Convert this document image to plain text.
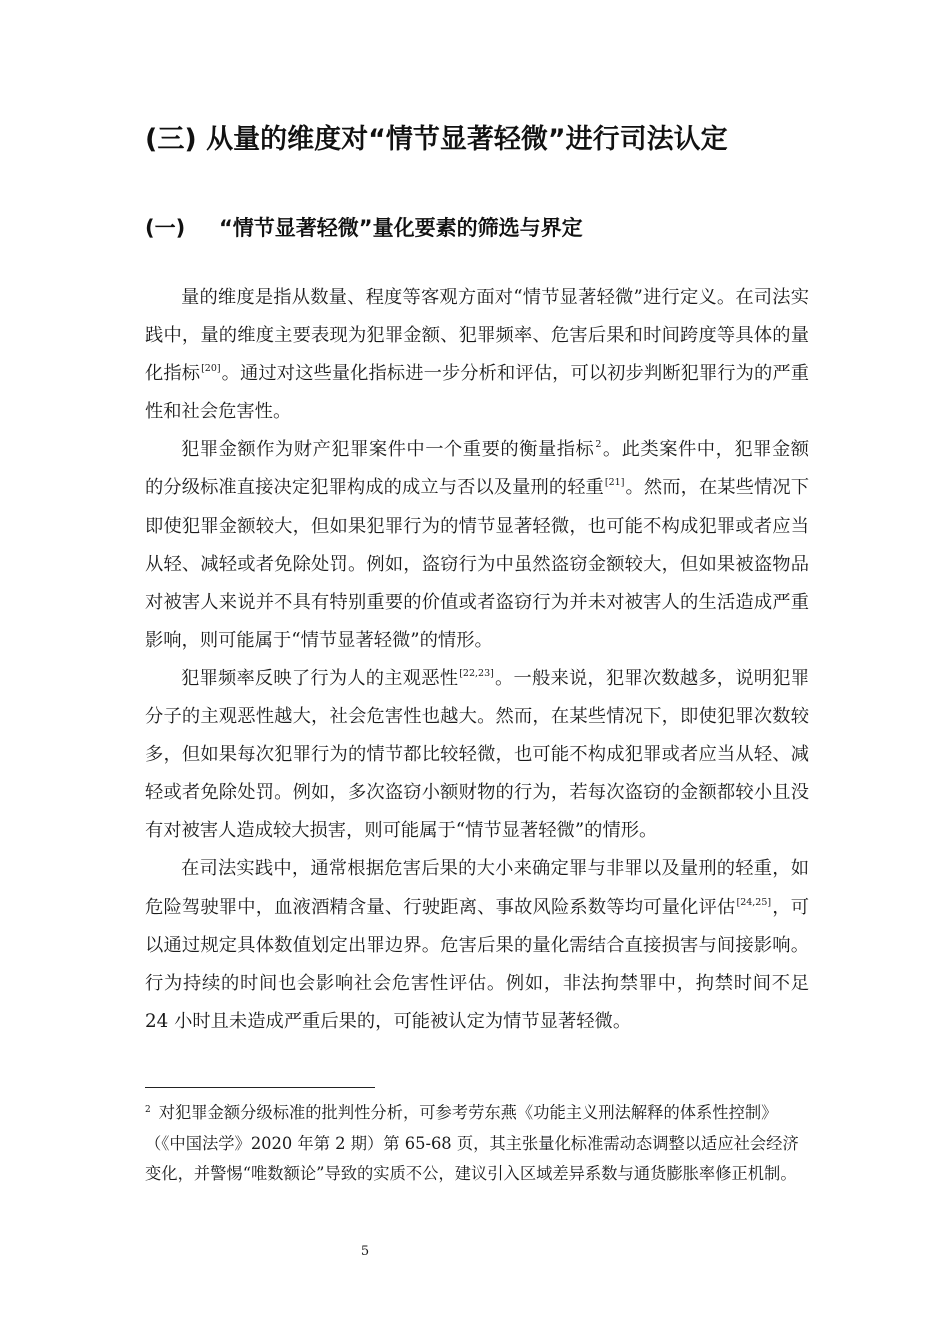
(三) 从量的维度对“情节显著轻微”进行司法认定
(一) “情节显著轻微”量化要素的筛选与界定

量的维度是指从数量、程度等客观方面对“情节显著轻微”进行定义。在司法实践中，量的维度主要表现为犯罪金额、犯罪频率、危害后果和时间跨度等具体的量化指标[20]。通过对这些量化指标进一步分析和评估，可以初步判断犯罪行为的严重性和社会危害性。

犯罪金额作为财产犯罪案件中一个重要的衡量指标$^2$。此类案件中，犯罪金额的分级标准直接决定犯罪构成的成立与否以及量刑的轻重[21]。然而，在某些情况下即使犯罪金额较大，但如果犯罪行为的情节显著轻微，也可能不构成犯罪或者应当从轻、减轻或者免除处罚。例如，盗窃行为中虽然盗窃金额较大，但如果被盗物品对被害人来说并不具有特别重要的价值或者盗窃行为并未对被害人的生活造成严重影响，则可能属于“情节显著轻微”的情形。

犯罪频率反映了行为人的主观恶性[22,23]。一般来说，犯罪次数越多，说明犯罪分子的主观恶性越大，社会危害性也越大。然而，在某些情况下，即使犯罪次数较多，但如果每次犯罪行为的情节都比较轻微，也可能不构成犯罪或者应当从轻、减轻或者免除处罚。例如，多次盗窃小额财物的行为，若每次盗窃的金额都较小且没有对被害人造成较大损害，则可能属于“情节显著轻微”的情形。

在司法实践中，通常根据危害后果的大小来确定罪与非罪以及量刑的轻重，如危险驾驶罪中，血液酒精含量、行驶距离、事故风险系数等均可量化评估[24,25]，可以通过规定具体数值划定出罪边界。危害后果的量化需结合直接损害与间接影响。行为持续的时间也会影响社会危害性评估。例如，非法拘禁罪中，拘禁时间不足 24 小时且未造成严重后果的，可能被认定为情节显著轻微。

$^2$ 对犯罪金额分级标准的批判性分析，可参考劳东燕《功能主义刑法解释的体系性控制》（《中国法学》2020 年第 2 期）第 65-68 页，其主张量化标准需动态调整以适应社会经济变化，并警惕“唯数额论”导致的实质不公，建议引入区域差异系数与通货膨胀率修正机制。

5
